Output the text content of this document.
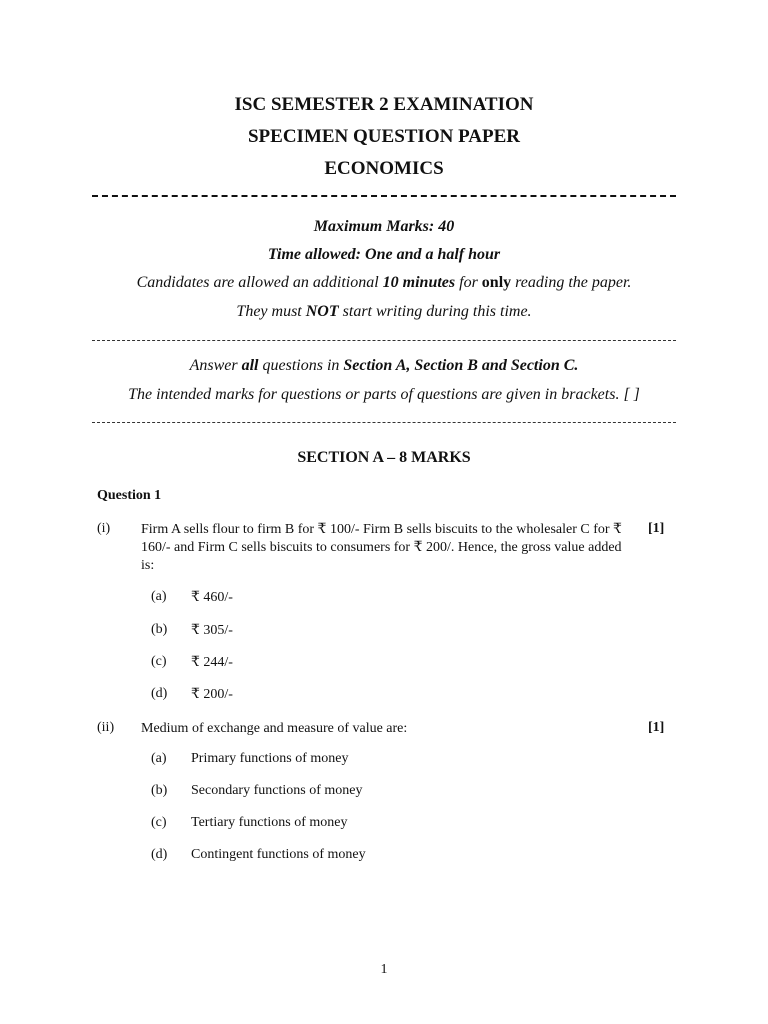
ISC SEMESTER 2 EXAMINATION
SPECIMEN QUESTION PAPER
ECONOMICS
Maximum Marks: 40
Time allowed: One and a half hour
Candidates are allowed an additional 10 minutes for only reading the paper.
They must NOT start writing during this time.
Answer all questions in Section A, Section B and Section C.
The intended marks for questions or parts of questions are given in brackets. [ ]
SECTION A – 8 MARKS
Question 1
(i) Firm A sells flour to firm B for ₹ 100/- Firm B sells biscuits to the wholesaler C for ₹ 160/- and Firm C sells biscuits to consumers for ₹ 200/. Hence, the gross value added is:
[1]
(a) ₹ 460/-
(b) ₹ 305/-
(c) ₹ 244/-
(d) ₹ 200/-
(ii) Medium of exchange and measure of value are:	[1]
(a) Primary functions of money
(b) Secondary functions of money
(c) Tertiary functions of money
(d) Contingent functions of money
1
